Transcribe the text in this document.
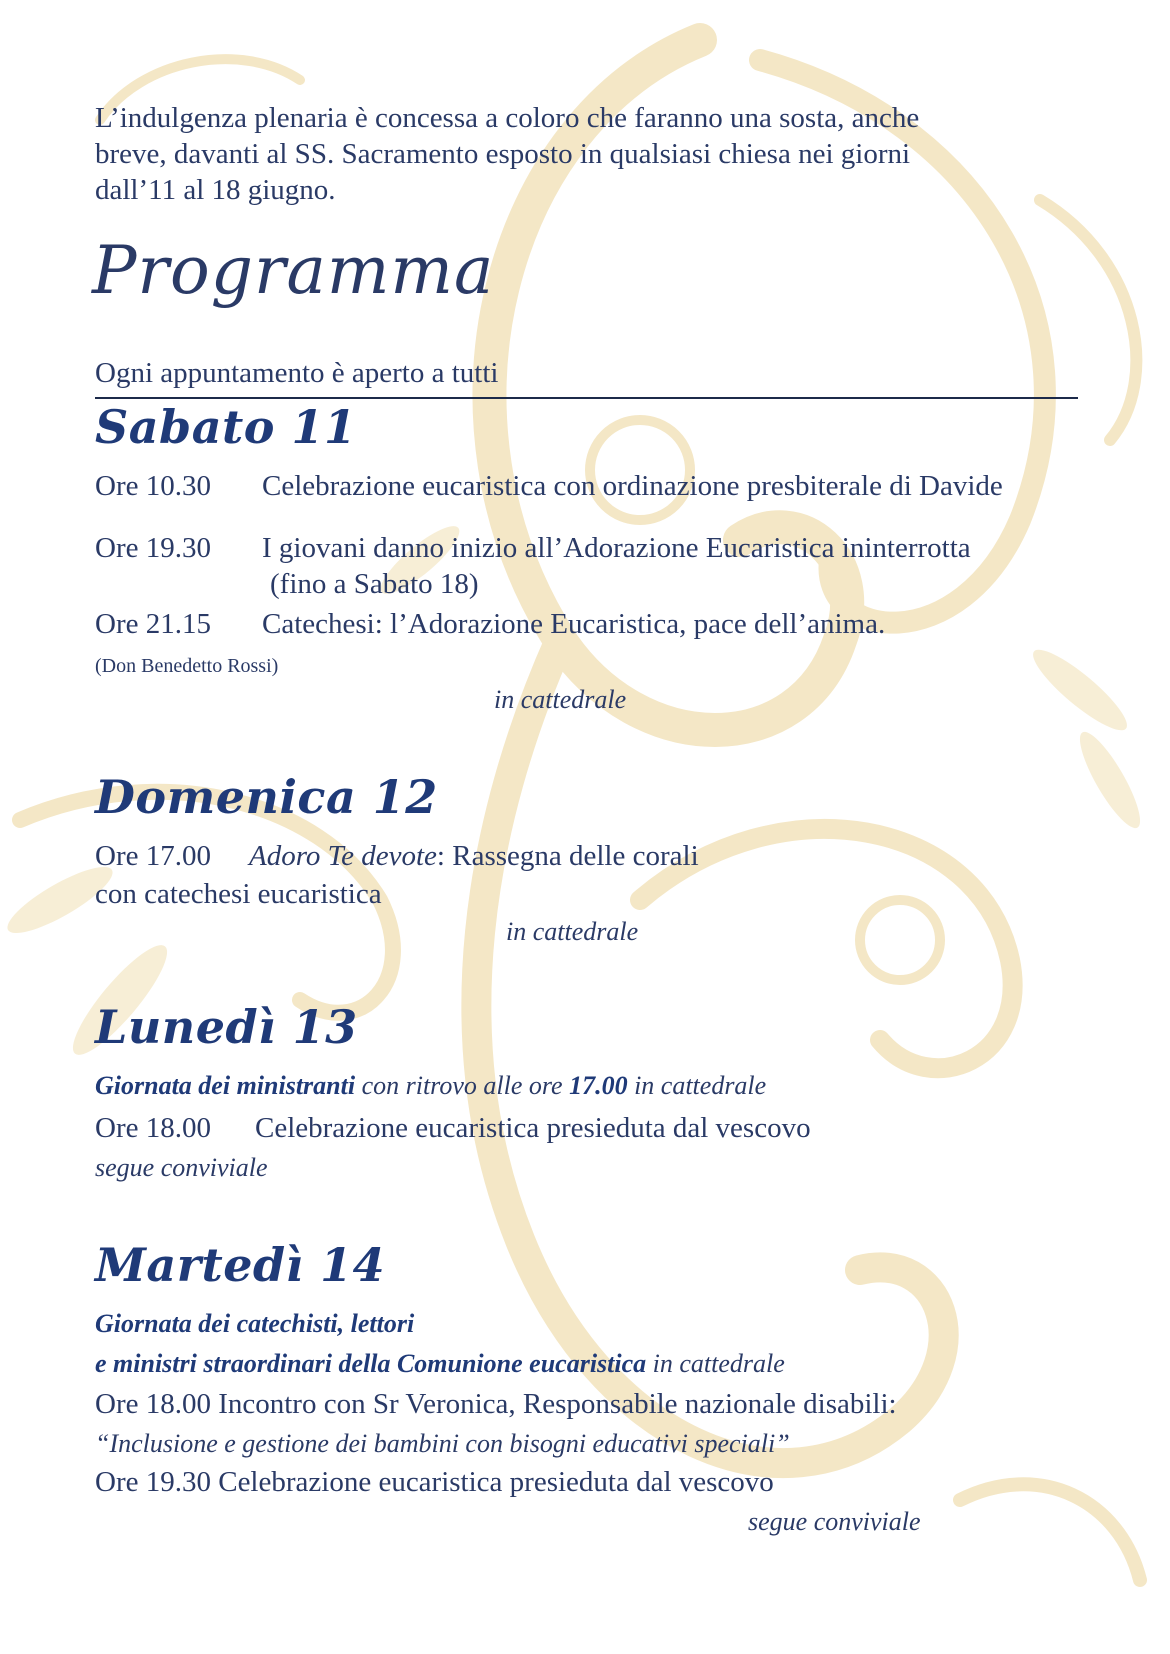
L’indulgenza plenaria è concessa a coloro che faranno una sosta, anche
breve, davanti al SS. Sacramento esposto in qualsiasi chiesa nei giorni
dall’11 al 18 giugno.
Programma
Ogni appuntamento è aperto a tutti
Sabato 11
Ore 10.30 Celebrazione eucaristica con ordinazione presbiterale di Davide
Ore 19.30 I giovani danno inizio all’Adorazione Eucaristica ininterrotta
(fino a Sabato 18)
Ore 21.15 Catechesi: l’Adorazione Eucaristica, pace dell’anima.
(Don Benedetto Rossi)
in cattedrale
Domenica 12
Ore 17.00 Adoro Te devote: Rassegna delle corali
con catechesi eucaristica
in cattedrale
Lunedì 13
Giornata dei ministranti con ritrovo alle ore 17.00 in cattedrale
Ore 18.00 Celebrazione eucaristica presieduta dal vescovo
segue conviviale
Martedì 14
Giornata dei catechisti, lettori
e ministri straordinari della Comunione eucaristica in cattedrale
Ore 18.00 Incontro con Sr Veronica, Responsabile nazionale disabili:
“Inclusione e gestione dei bambini con bisogni educativi speciali”
Ore 19.30 Celebrazione eucaristica presieduta dal vescovo
segue conviviale
